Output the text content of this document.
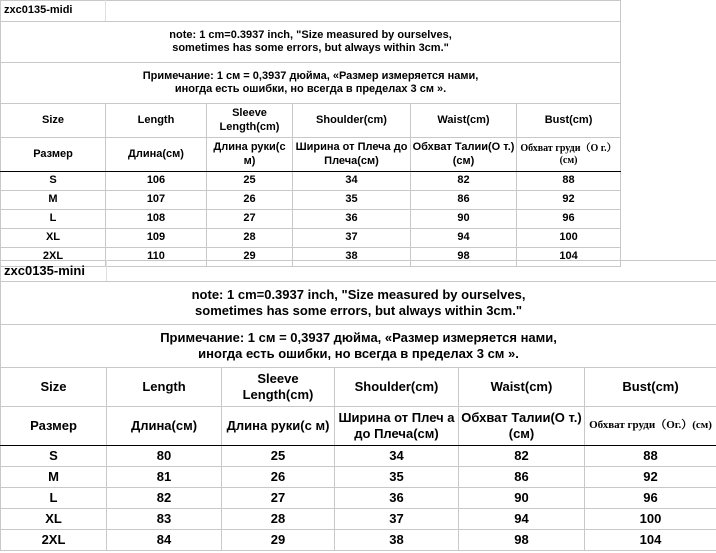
zxc0135-midi					

note: 1 cm=0.3937 inch, "Size measured by ourselves,
sometimes has some errors, but always within 3cm."					

Примечание: 1 см = 0,3937 дюйма, «Размер измеряется нами,
иногда есть ошибки, но всегда в пределах 3 см ».					

Size	Length	Sleeve Length(cm)	Shoulder(cm)	Waist(cm)	Bust(cm)
Размер	Длина(см)	Длина руки(с м)	Ширина от Плеча до Плеча(см)	Обхват Талии(О т.)(см)	Обхват груди（О г.）(см)
S	106	25	34	82	88
M	107	26	35	86	92
L	108	27	36	90	96
XL	109	28	37	94	100
2XL	110	29	38	98	104
zxc0135-mini					

note: 1 cm=0.3937 inch, "Size measured by ourselves,
sometimes has some errors, but always within 3cm."					

Примечание: 1 см = 0,3937 дюйма, «Размер измеряется нами,
иногда есть ошибки, но всегда в пределах 3 см ».					

Size	Length	Sleeve Length(cm)	Shoulder(cm)	Waist(cm)	Bust(cm)
Размер	Длина(см)	Длина руки(с м)	Ширина от Плеч а до Плеча(см)	Обхват Талии(О т.)(см)	Обхват груди（Ог.）(см)
S	80	25	34	82	88
M	81	26	35	86	92
L	82	27	36	90	96
XL	83	28	37	94	100
2XL	84	29	38	98	104
